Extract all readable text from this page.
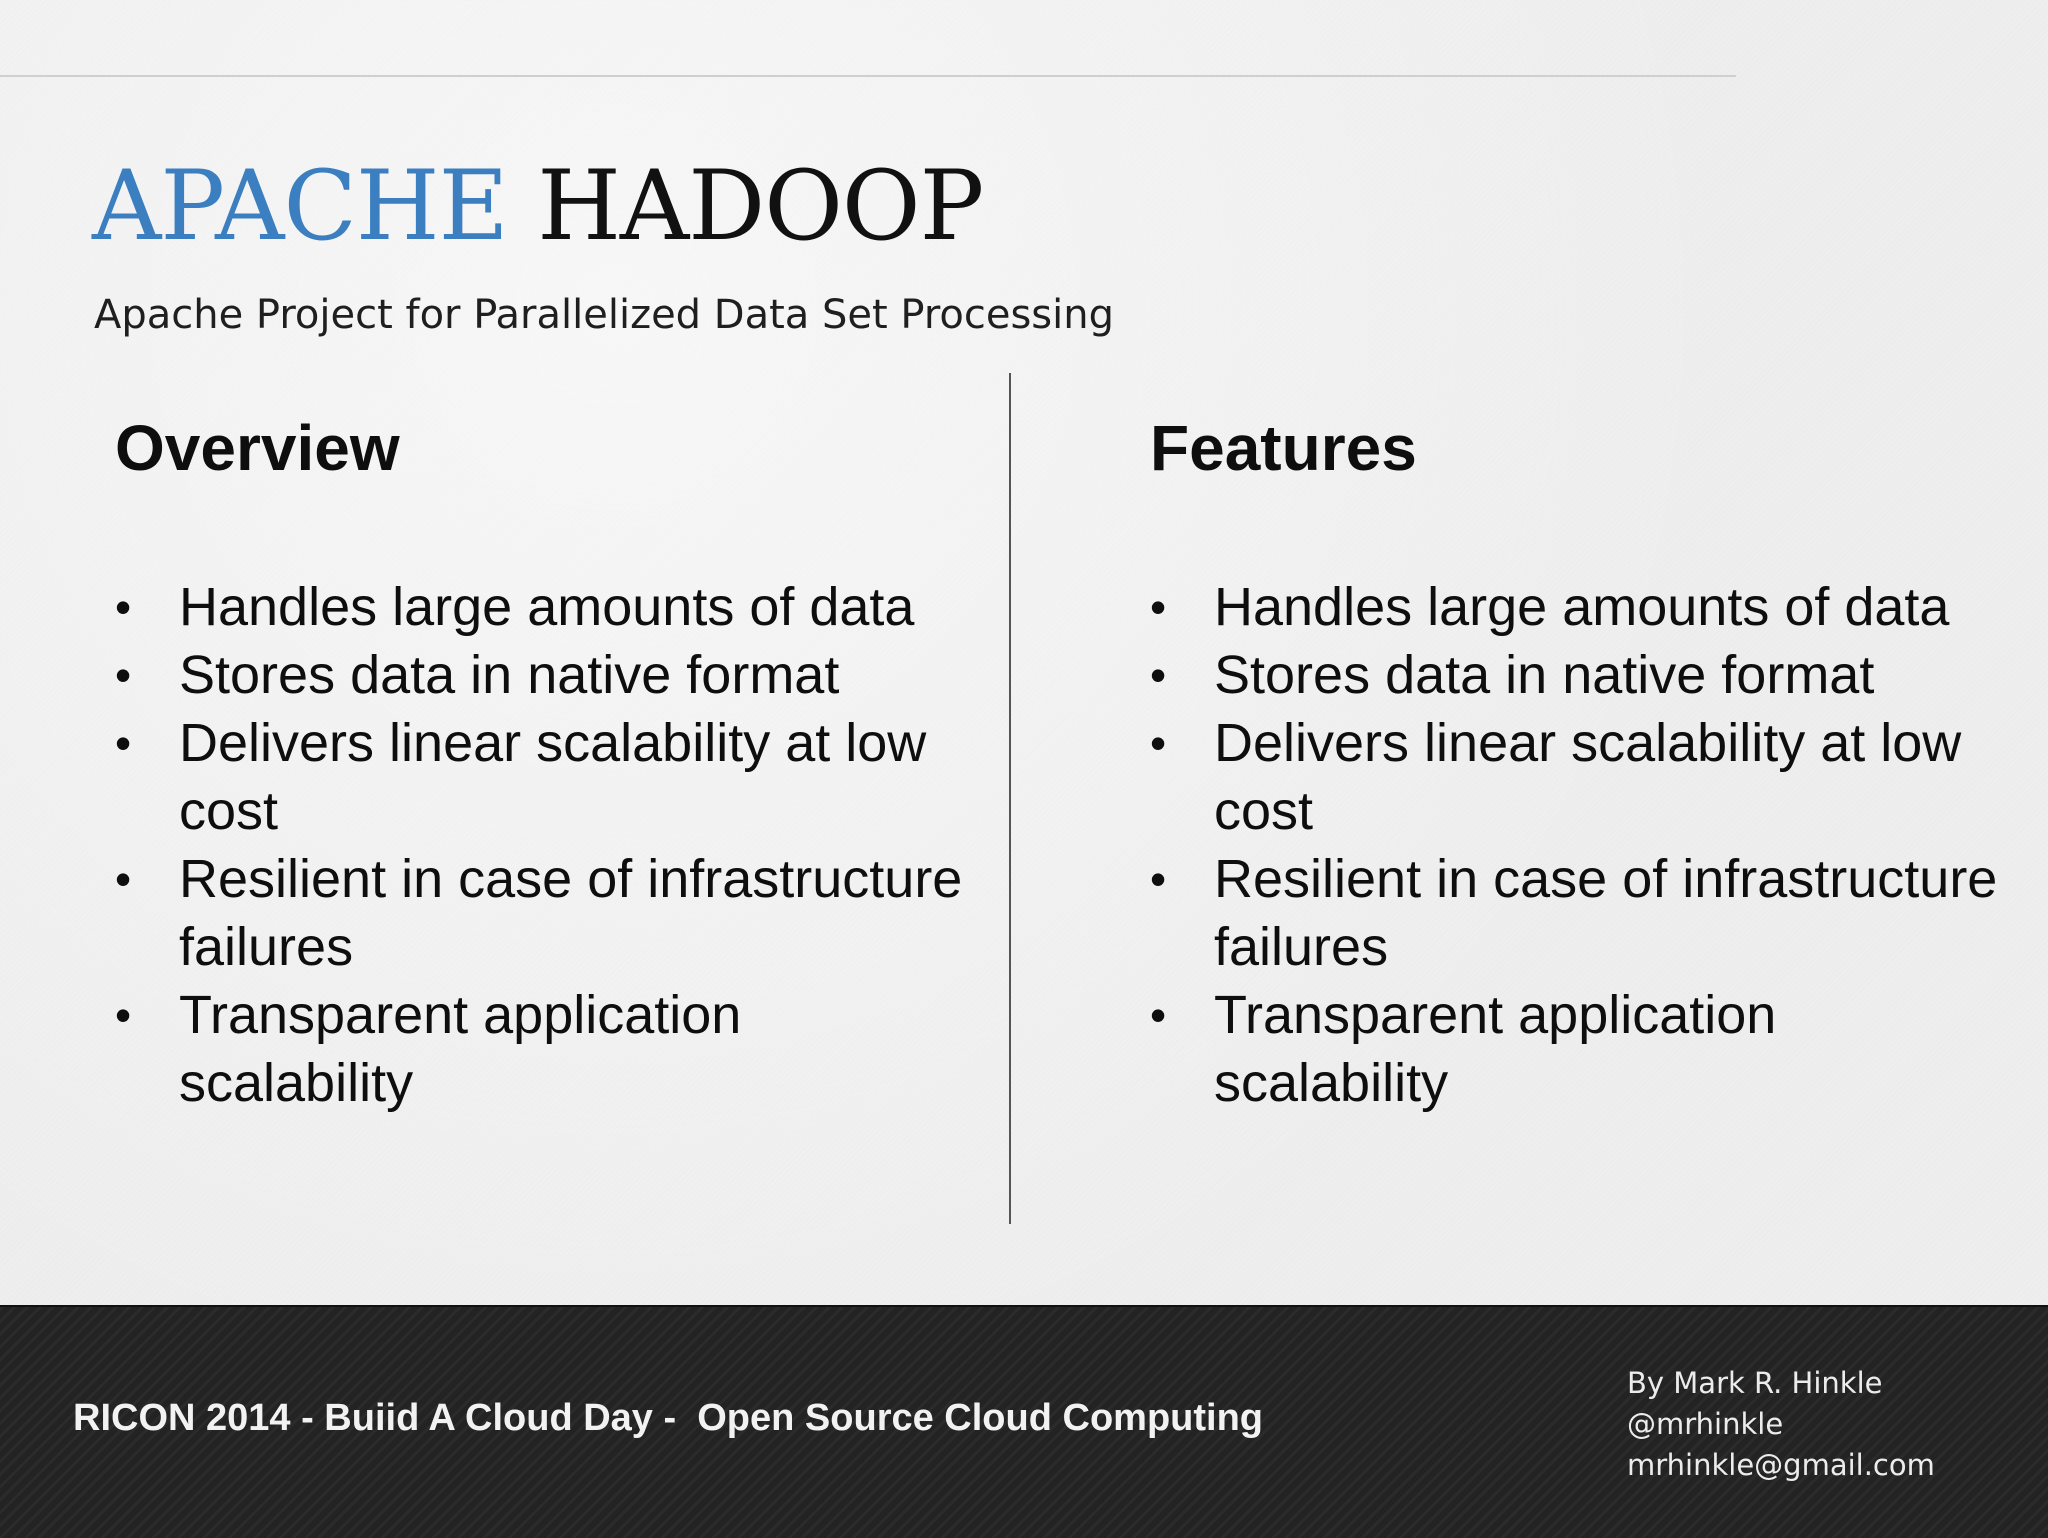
APACHE HADOOP
Apache Project for Parallelized Data Set Processing
Overview
• Handles large amounts of data
• Stores data in native format
• Delivers linear scalability at low cost
• Resilient in case of infrastructure failures
• Transparent application scalability
Features
• Handles large amounts of data
• Stores data in native format
• Delivers linear scalability at low cost
• Resilient in case of infrastructure failures
• Transparent application scalability
RICON 2014 - Buiid A Cloud Day -  Open Source Cloud Computing
By Mark R. Hinkle
@mrhinkle
mrhinkle@gmail.com
